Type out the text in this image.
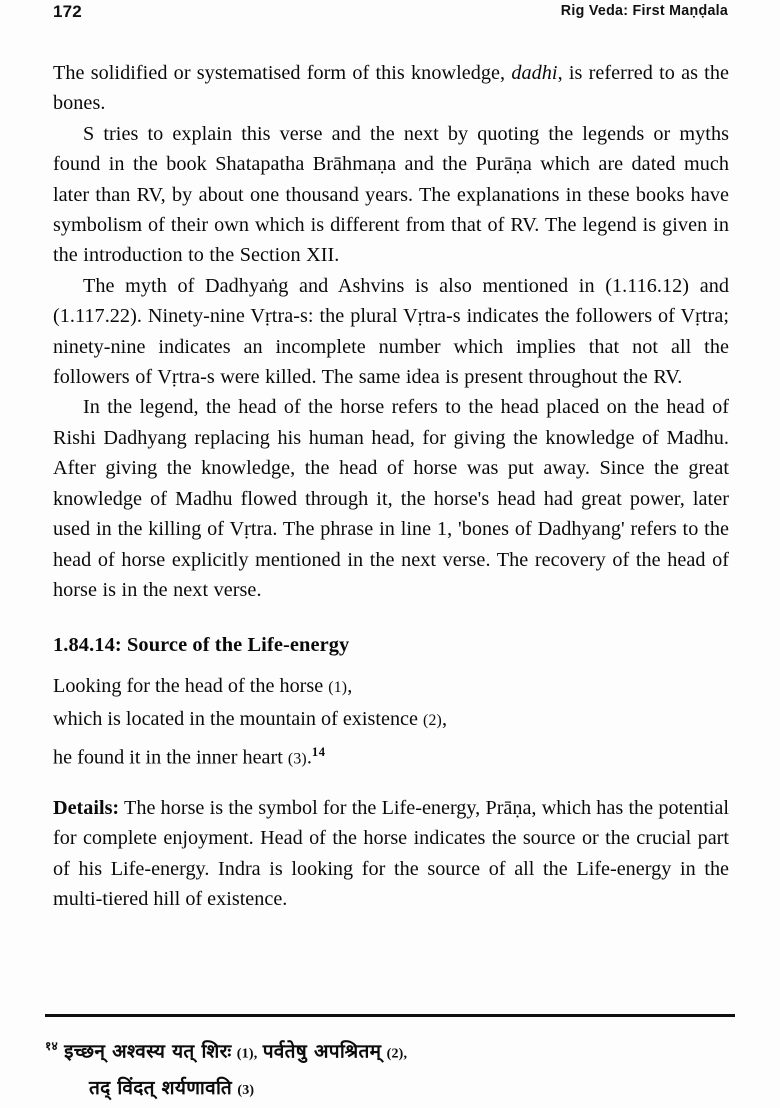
172	Rig Veda: First Maṇḍala

The solidified or systematised form of this knowledge, dadhi, is referred to as the bones.

S tries to explain this verse and the next by quoting the legends or myths found in the book Shatapatha Brāhmaṇa and the Purāṇa which are dated much later than RV, by about one thousand years. The explanations in these books have symbolism of their own which is different from that of RV. The legend is given in the introduction to the Section XII.

The myth of Dadhyaṅg and Ashvins is also mentioned in (1.116.12) and (1.117.22). Ninety-nine Vṛtra-s: the plural Vṛtra-s indicates the followers of Vṛtra; ninety-nine indicates an incomplete number which implies that not all the followers of Vṛtra-s were killed. The same idea is present throughout the RV.

In the legend, the head of the horse refers to the head placed on the head of Rishi Dadhyang replacing his human head, for giving the knowledge of Madhu. After giving the knowledge, the head of horse was put away. Since the great knowledge of Madhu flowed through it, the horse's head had great power, later used in the killing of Vṛtra. The phrase in line 1, 'bones of Dadhyang' refers to the head of horse explicitly mentioned in the next verse. The recovery of the head of horse is in the next verse.

1.84.14: Source of the Life-energy
Looking for the head of the horse (1),
which is located in the mountain of existence (2),
he found it in the inner heart (3).$^{14}$

Details: The horse is the symbol for the Life-energy, Prāṇa, which has the potential for complete enjoyment. Head of the horse indicates the source or the crucial part of his Life-energy. Indra is looking for the source of all the Life-energy in the multi-tiered hill of existence.

$^{१४}$ इच्छन् अश्वस्य यत् शिरः (1), पर्वतेषु अपश्रितम् (2),
तद् विंदत् शर्यणावति (3)
